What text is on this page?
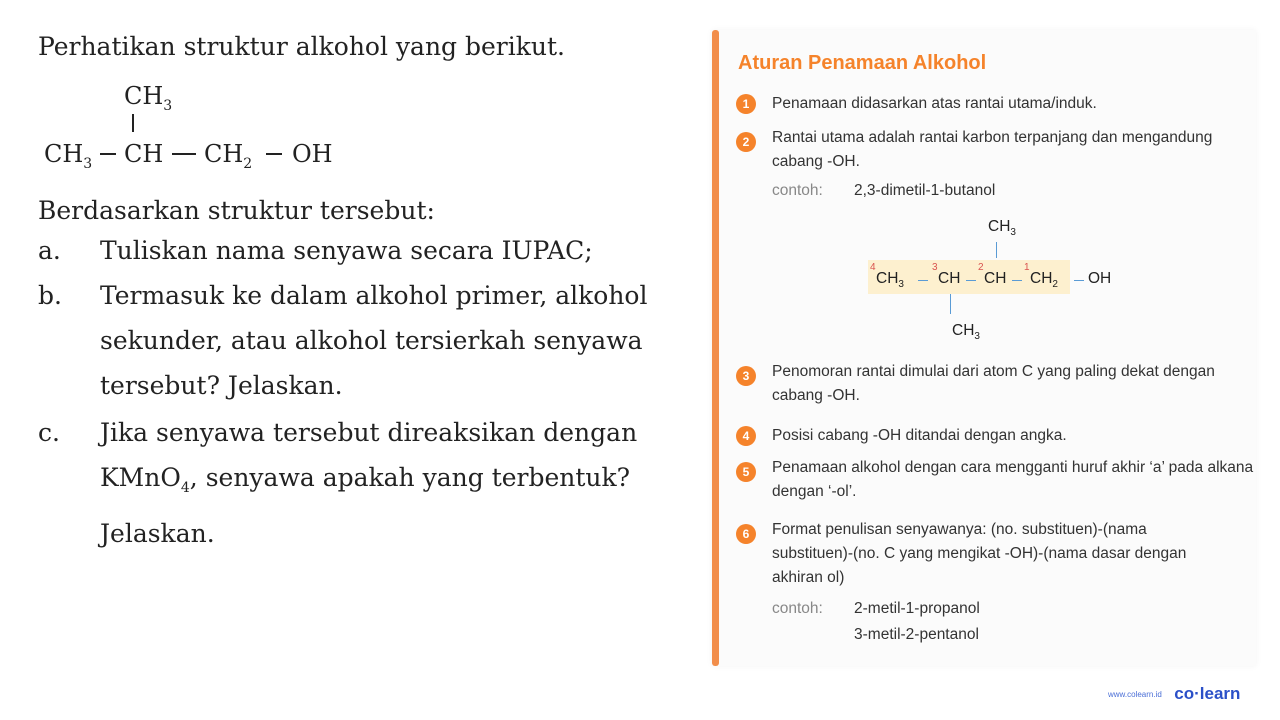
Perhatikan struktur alkohol yang berikut.
$CH_3$
$CH_3$ CH $CH_2$ OH
Berdasarkan struktur tersebut:
a. Tuliskan nama senyawa secara IUPAC;
b. Termasuk ke dalam alkohol primer, alkohol sekunder, atau alkohol tersierkah senyawa tersebut? Jelaskan.
c. Jika senyawa tersebut direaksikan dengan KMnO$_4$, senyawa apakah yang terbentuk? Jelaskan.
Aturan Penamaan Alkohol
1	Penamaan didasarkan atas rantai utama/induk.
2	Rantai utama adalah rantai karbon terpanjang dan mengandung cabang -OH.
contoh: 2,3-dimetil-1-butanol
$CH_3$
4
$CH_3$
3
CH
2
CH
1
$CH_2$ OH
$CH_3$
3	Penomoran rantai dimulai dari atom C yang paling dekat dengan cabang -OH.
4	Posisi cabang -OH ditandai dengan angka.
5	Penamaan alkohol dengan cara mengganti huruf akhir ‘a’ pada alkana dengan ‘-ol’.
6	Format penulisan senyawanya: (no. substituen)-(nama substituen)-(no. C yang mengikat -OH)-(nama dasar dengan akhiran ol)
contoh: 2-metil-1-propanol
3-metil-2-pentanol
www.colearn.id co·learn
